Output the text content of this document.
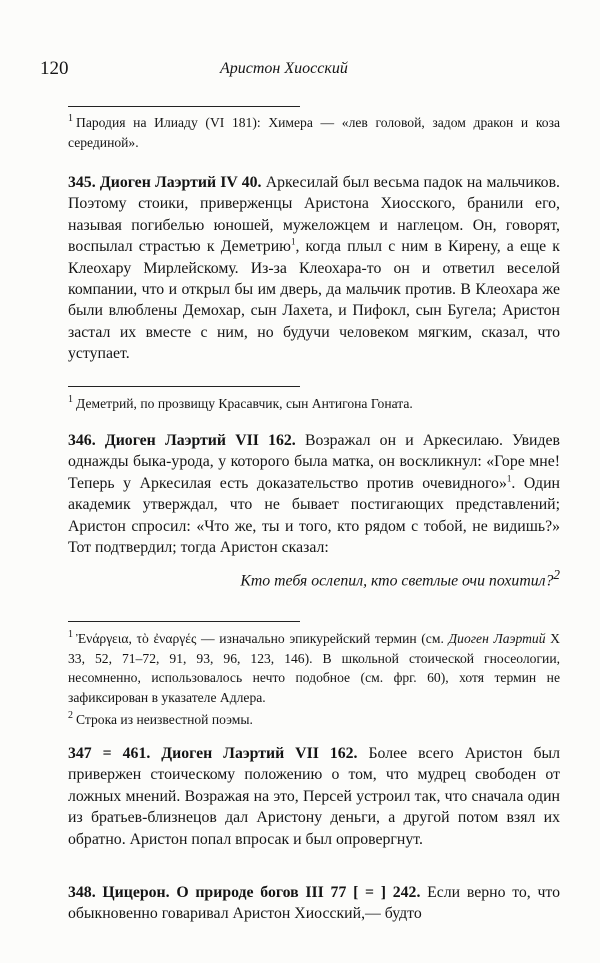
120	Аристон Хиосский

$^1$ Пародия на Илиаду (VI 181): Химера — «лев головой, задом дракон и коза серединой».

345. Диоген Лаэртий IV 40. Аркесилай был весьма падок на мальчиков. Поэтому стоики, приверженцы Аристона Хиосского, бранили его, называя погибелью юношей, мужеложцем и наглецом. Он, говорят, воспылал страстью к Деметрию$^1$, когда плыл с ним в Кирену, а еще к Клеохару Мирлейскому. Из-за Клеохара-то он и ответил веселой компании, что и открыл бы им дверь, да мальчик против. В Клеохара же были влюблены Демохар, сын Лахета, и Пифокл, сын Бугела; Аристон застал их вместе с ним, но будучи человеком мягким, сказал, что уступает.

$^1$ Деметрий, по прозвищу Красавчик, сын Антигона Гоната.

346. Диоген Лаэртий VII 162. Возражал он и Аркесилаю. Увидев однажды быка-урода, у которого была матка, он воскликнул: «Горе мне! Теперь у Аркесилая есть доказательство против очевидного»$^1$. Один академик утверждал, что не бывает постигающих представлений; Аристон спросил: «Что же, ты и того, кто рядом с тобой, не видишь?» Тот подтвердил; тогда Аристон сказал:

Кто тебя ослепил, кто светлые очи похитил?$^2$

$^1$ Ἐνάργεια, τὸ ἐναργές — изначально эпикурейский термин (см. Диоген Лаэртий X 33, 52, 71–72, 91, 93, 96, 123, 146). В школьной стоической гносеологии, несомненно, использовалось нечто подобное (см. фрг. 60), хотя термин не зафиксирован в указателе Адлера.

$^2$ Строка из неизвестной поэмы.

347 = 461. Диоген Лаэртий VII 162. Более всего Аристон был привержен стоическому положению о том, что мудрец свободен от ложных мнений. Возражая на это, Персей устроил так, что сначала один из братьев-близнецов дал Аристону деньги, а другой потом взял их обратно. Аристон попал впросак и был опровергнут.

348. Цицерон. О природе богов III 77 [ = ] 242. Если верно то, что обыкновенно говаривал Аристон Хиосский,— будто
